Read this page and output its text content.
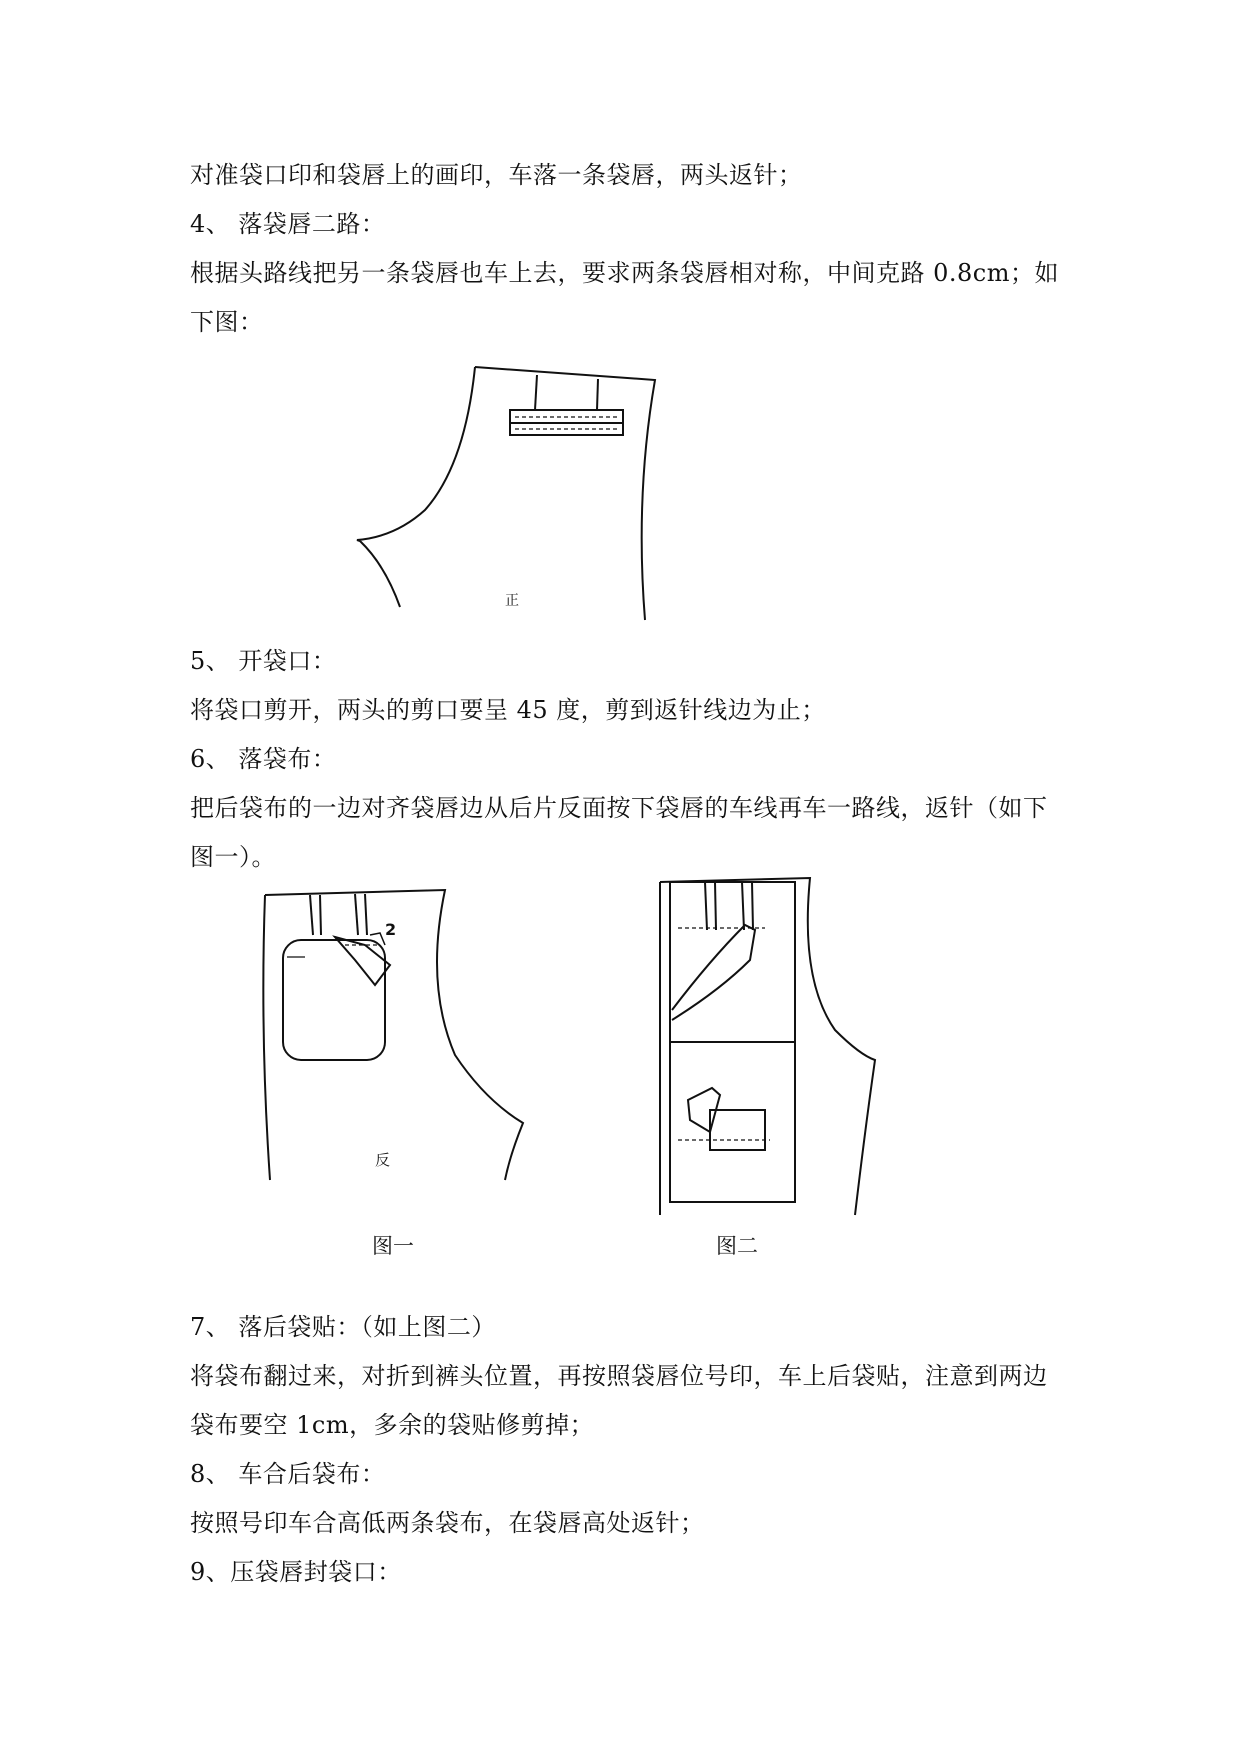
对准袋口印和袋唇上的画印，车落一条袋唇，两头返针；
4、 落袋唇二路：
根据头路线把另一条袋唇也车上去，要求两条袋唇相对称，中间克路 0.8cm；如
下图：
正
5、 开袋口：
将袋口剪开，两头的剪口要呈 45 度，剪到返针线边为止；
6、 落袋布：
把后袋布的一边对齐袋唇边从后片反面按下袋唇的车线再车一路线，返针（如下
图一）。
2
反
图一	图二
7、 落后袋贴：（如上图二）
将袋布翻过来，对折到裤头位置，再按照袋唇位号印，车上后袋贴，注意到两边
袋布要空 1cm，多余的袋贴修剪掉；
8、 车合后袋布：
按照号印车合高低两条袋布，在袋唇高处返针；
9、压袋唇封袋口：
